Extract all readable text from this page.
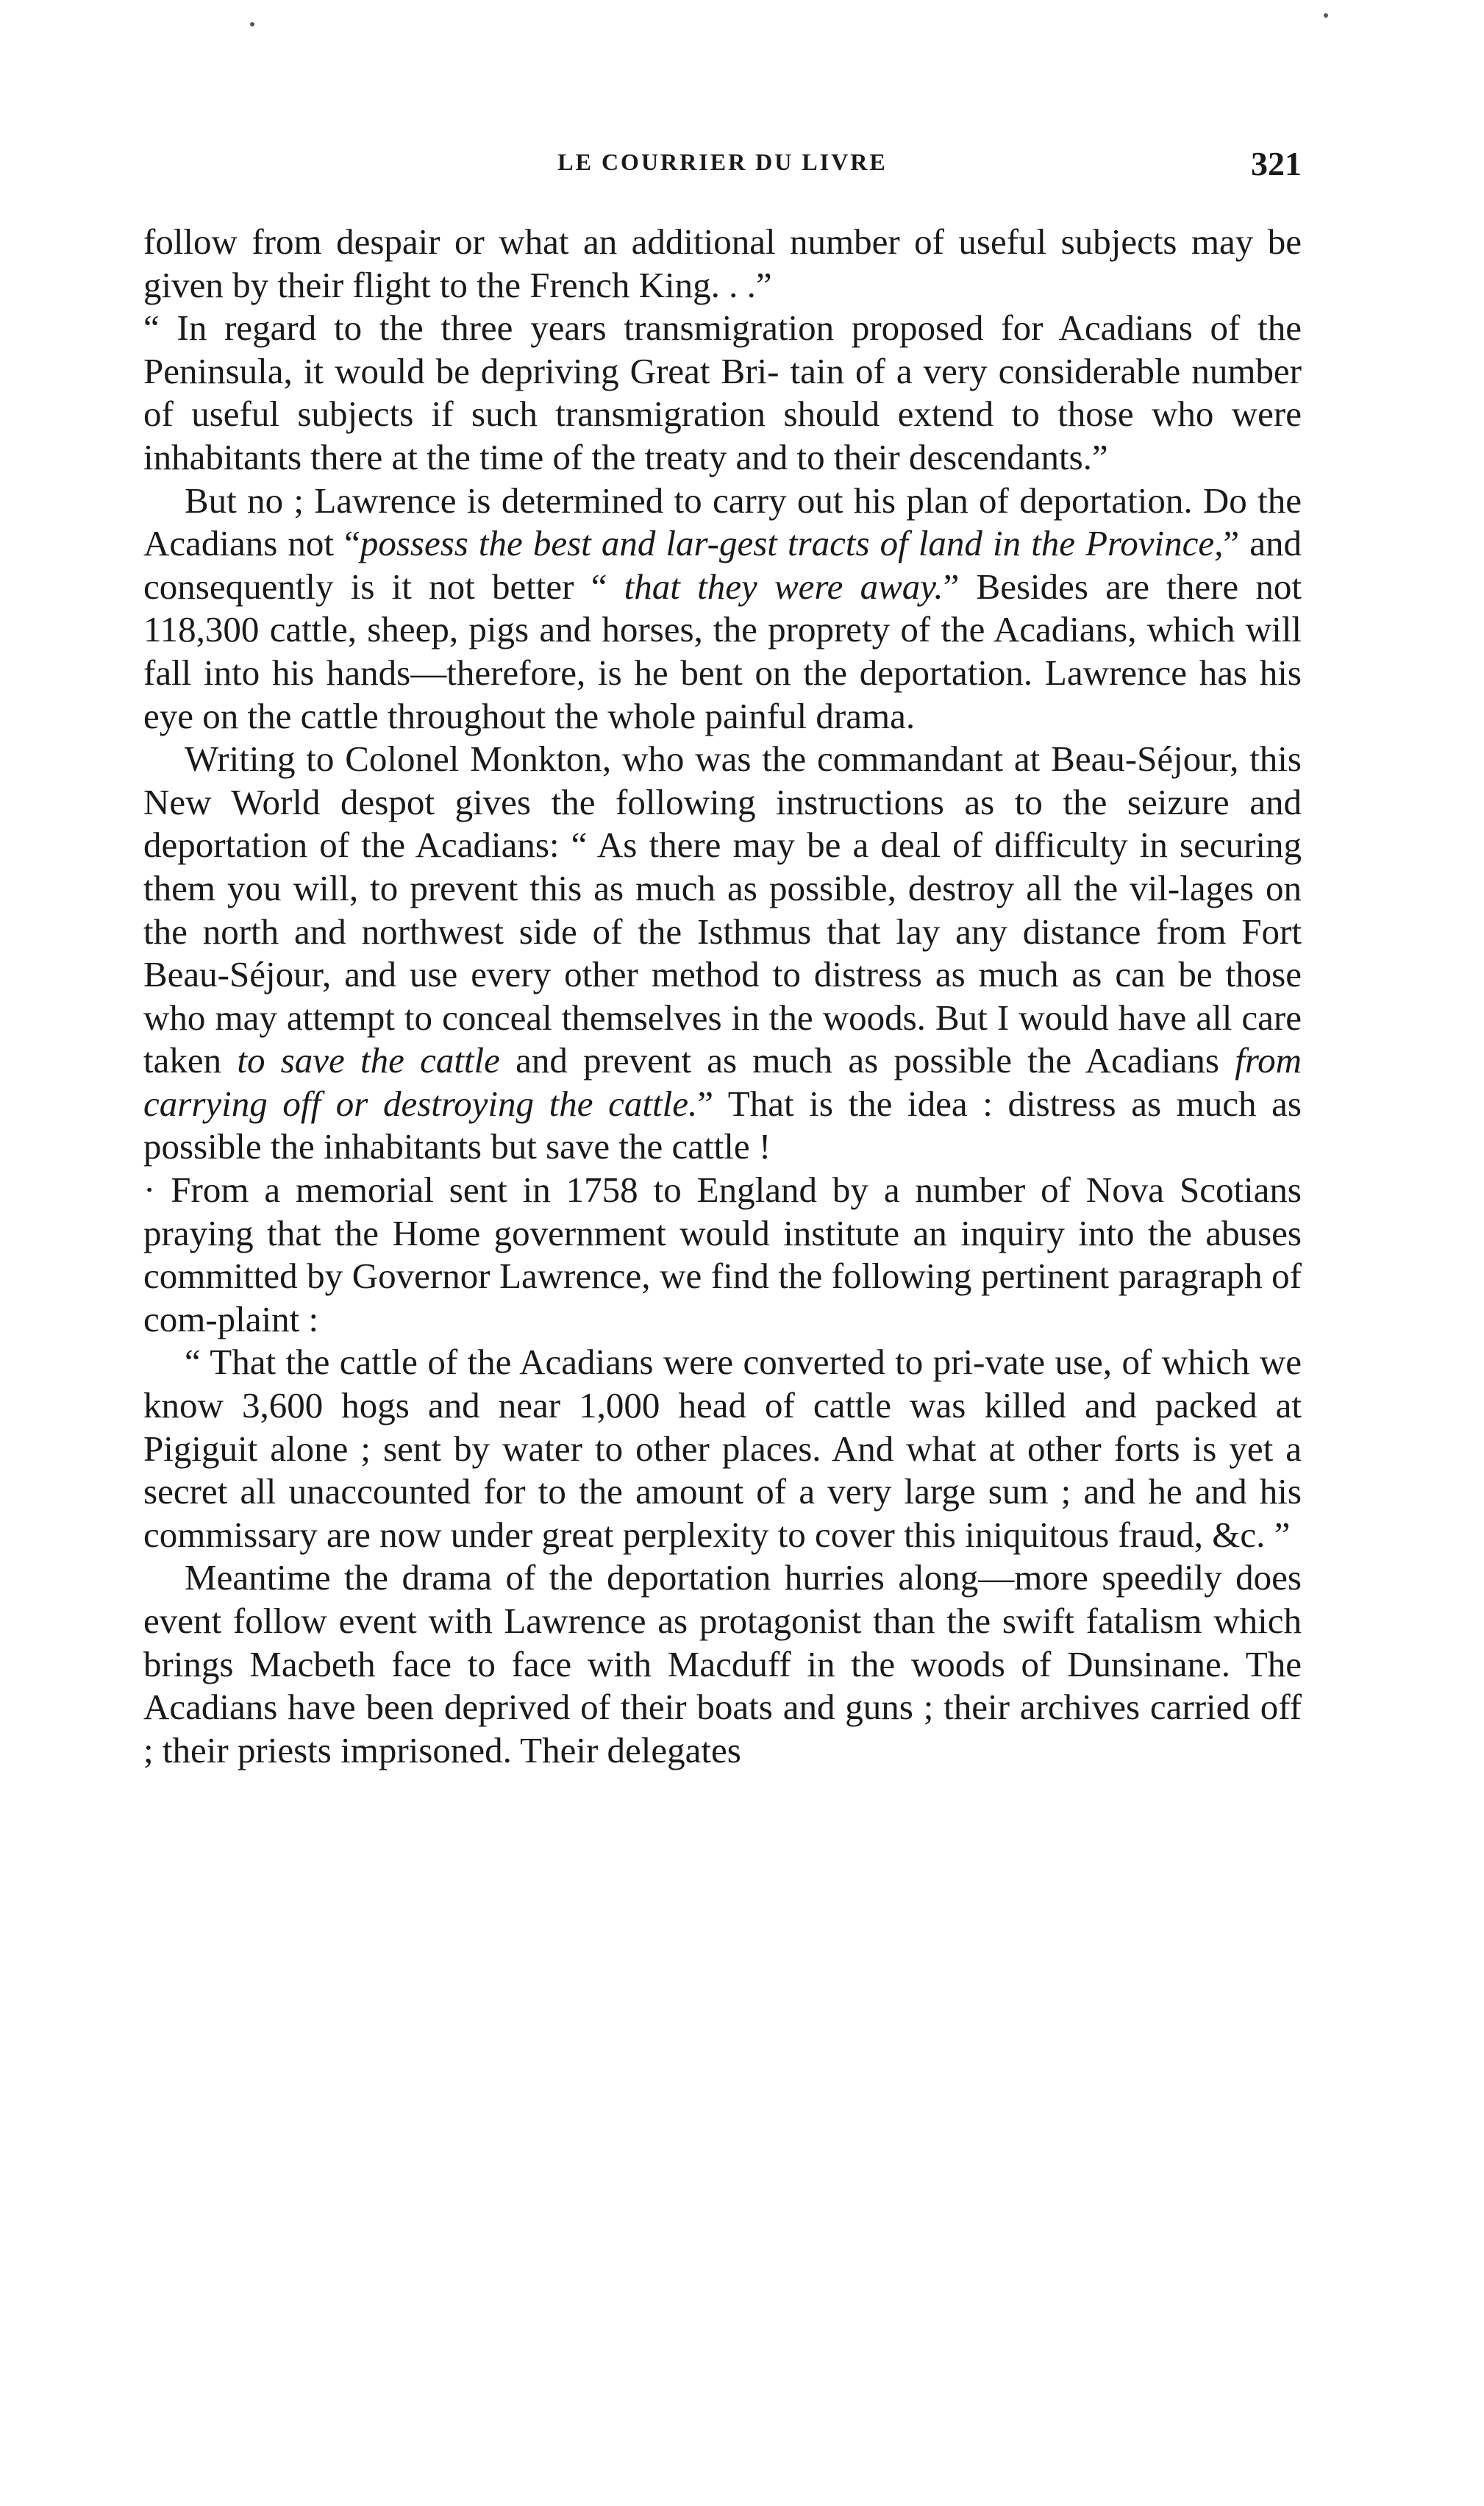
LE COURRIER DU LIVRE	321

follow from despair or what an additional number of useful subjects may be given by their flight to the French King. . .”

“ In regard to the three years transmigration proposed for Acadians of the Peninsula, it would be depriving Great Bri- tain of a very considerable number of useful subjects if such transmigration should extend to those who were inhabitants there at the time of the treaty and to their descendants.”

But no ; Lawrence is determined to carry out his plan of deportation. Do the Acadians not “possess the best and lar-gest tracts of land in the Province,” and consequently is it not better “ that they were away.” Besides are there not 118,300 cattle, sheep, pigs and horses, the proprety of the Acadians, which will fall into his hands—therefore, is he bent on the deportation. Lawrence has his eye on the cattle throughout the whole painful drama.

Writing to Colonel Monkton, who was the commandant at Beau-Séjour, this New World despot gives the following instructions as to the seizure and deportation of the Acadians: “ As there may be a deal of difficulty in securing them you will, to prevent this as much as possible, destroy all the vil-lages on the north and northwest side of the Isthmus that lay any distance from Fort Beau-Séjour, and use every other method to distress as much as can be those who may attempt to conceal themselves in the woods. But I would have all care taken to save the cattle and prevent as much as possible the Acadians from carrying off or destroying the cattle.” That is the idea : distress as much as possible the inhabitants but save the cattle !

· From a memorial sent in 1758 to England by a number of Nova Scotians praying that the Home government would institute an inquiry into the abuses committed by Governor Lawrence, we find the following pertinent paragraph of com-plaint :

“ That the cattle of the Acadians were converted to pri-vate use, of which we know 3,600 hogs and near 1,000 head of cattle was killed and packed at Pigiguit alone ; sent by water to other places. And what at other forts is yet a secret all unaccounted for to the amount of a very large sum ; and he and his commissary are now under great perplexity to cover this iniquitous fraud, &c. ”

Meantime the drama of the deportation hurries along—more speedily does event follow event with Lawrence as protagonist than the swift fatalism which brings Macbeth face to face with Macduff in the woods of Dunsinane. The Acadians have been deprived of their boats and guns ; their archives carried off ; their priests imprisoned. Their delegates
